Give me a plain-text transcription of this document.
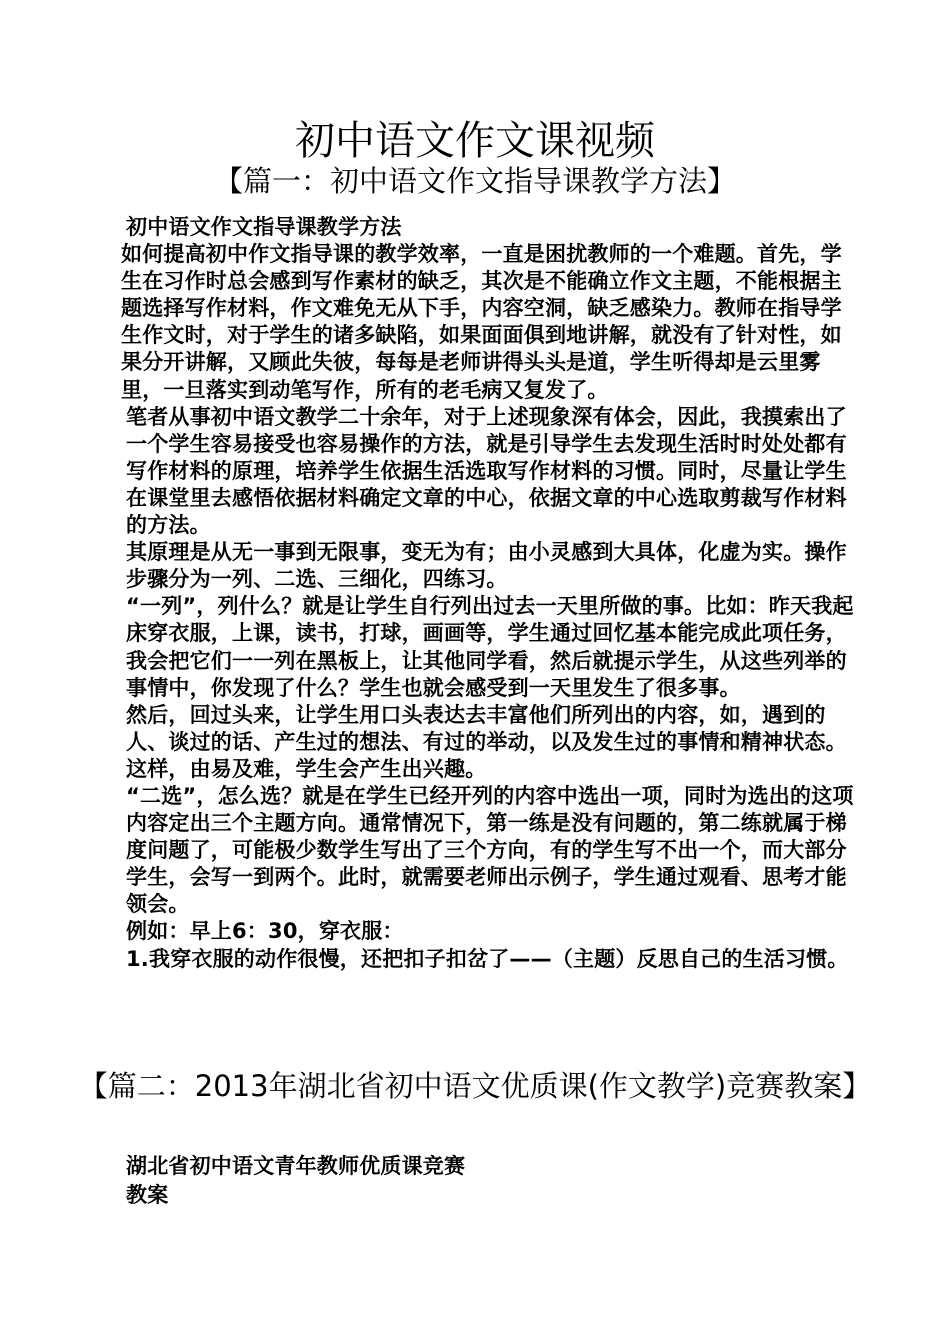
初中语文作文课视频
【篇一：初中语文作文指导课教学方法】

初中语文作文指导课教学方法

如何提高初中作文指导课的教学效率，一直是困扰教师的一个难题。首先，学生在习作时总会感到写作素材的缺乏，其次是不能确立作文主题，不能根据主题选择写作材料，作文难免无从下手，内容空洞，缺乏感染力。教师在指导学生作文时，对于学生的诸多缺陷，如果面面俱到地讲解，就没有了针对性，如果分开讲解，又顾此失彼，每每是老师讲得头头是道，学生听得却是云里雾里，一旦落实到动笔写作，所有的老毛病又复发了。

笔者从事初中语文教学二十余年，对于上述现象深有体会，因此，我摸索出了一个学生容易接受也容易操作的方法，就是引导学生去发现生活时时处处都有写作材料的原理，培养学生依据生活选取写作材料的习惯。同时，尽量让学生在课堂里去感悟依据材料确定文章的中心，依据文章的中心选取剪裁写作材料的方法。

其原理是从无一事到无限事，变无为有；由小灵感到大具体，化虚为实。操作步骤分为一列、二选、三细化，四练习。

“一列”，列什么？就是让学生自行列出过去一天里所做的事。比如：昨天我起床穿衣服，上课，读书，打球，画画等，学生通过回忆基本能完成此项任务，我会把它们一一列在黑板上，让其他同学看，然后就提示学生，从这些列举的事情中，你发现了什么？学生也就会感受到一天里发生了很多事。

然后，回过头来，让学生用口头表达去丰富他们所列出的内容，如，遇到的人、谈过的话、产生过的想法、有过的举动，以及发生过的事情和精神状态。这样，由易及难，学生会产生出兴趣。

“二选”，怎么选？就是在学生已经开列的内容中选出一项，同时为选出的这项内容定出三个主题方向。通常情况下，第一练是没有问题的，第二练就属于梯度问题了，可能极少数学生写出了三个方向，有的学生写不出一个，而大部分学生，会写一到两个。此时，就需要老师出示例子，学生通过观看、思考才能领会。

例如：早上6：30，穿衣服：

1.我穿衣服的动作很慢，还把扣子扣岔了——（主题）反思自己的生活习惯。

【篇二：2013年湖北省初中语文优质课(作文教学)竞赛教案】

湖北省初中语文青年教师优质课竞赛

教案
